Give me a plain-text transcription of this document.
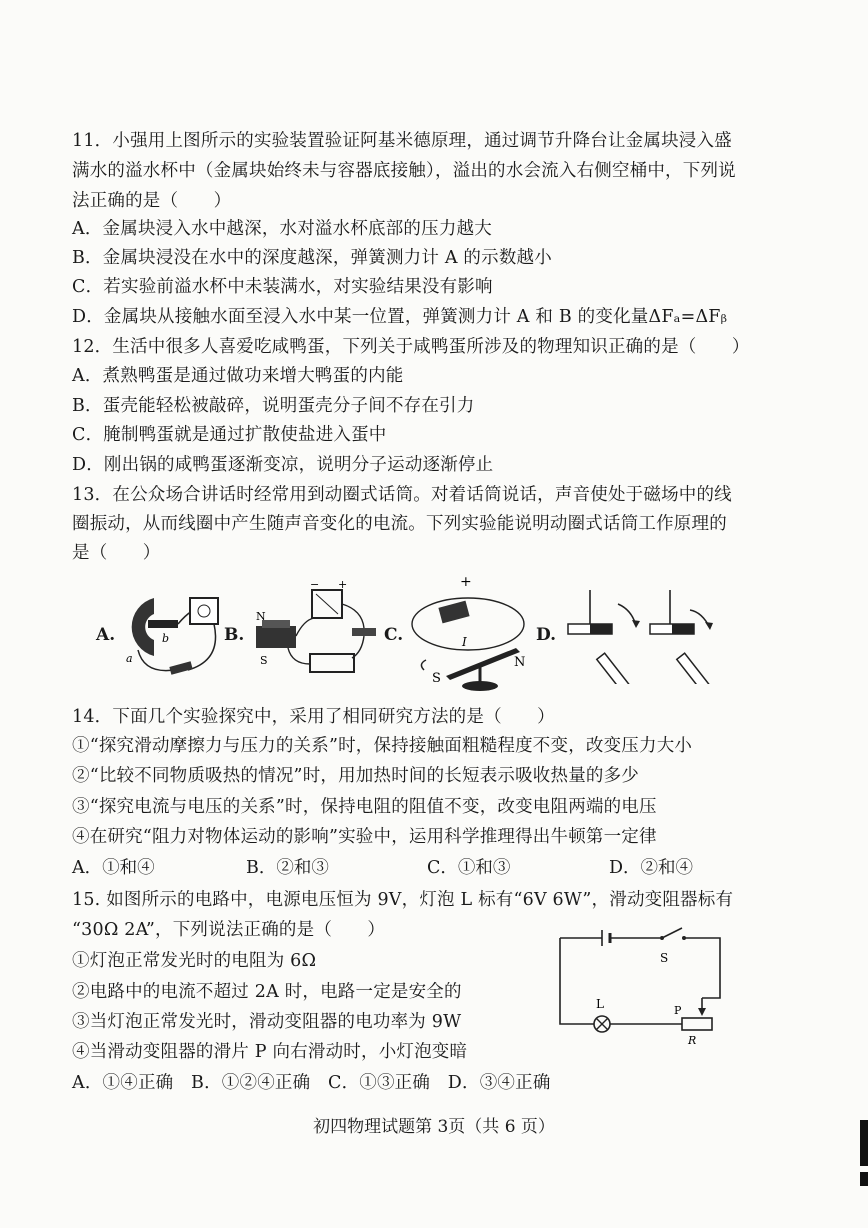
11．小强用上图所示的实验装置验证阿基米德原理，通过调节升降台让金属块浸入盛
满水的溢水杯中（金属块始终未与容器底接触），溢出的水会流入右侧空桶中，下列说
法正确的是（　　）
A．金属块浸入水中越深，水对溢水杯底部的压力越大
B．金属块浸没在水中的深度越深，弹簧测力计 A 的示数越小
C．若实验前溢水杯中未装满水，对实验结果没有影响
D．金属块从接触水面至浸入水中某一位置，弹簧测力计 A 和 B 的变化量ΔFₐ=ΔFᵦ
12．生活中很多人喜爱吃咸鸭蛋，下列关于咸鸭蛋所涉及的物理知识正确的是（　　）
A．煮熟鸭蛋是通过做功来增大鸭蛋的内能
B．蛋壳能轻松被敲碎，说明蛋壳分子间不存在引力
C．腌制鸭蛋就是通过扩散使盐进入蛋中
D．刚出锅的咸鸭蛋逐渐变凉，说明分子运动逐渐停止
13．在公众场合讲话时经常用到动圈式话筒。对着话筒说话，声音使处于磁场中的线
圈振动，从而线圈中产生随声音变化的电流。下列实验能说明动圈式话筒工作原理的
是（　　）
A.	B.	C.	D.
b
a
N
S
− +	+
I
S
N
14．下面几个实验探究中，采用了相同研究方法的是（　　）
①“探究滑动摩擦力与压力的关系”时，保持接触面粗糙程度不变，改变压力大小
②“比较不同物质吸热的情况”时，用加热时间的长短表示吸收热量的多少
③“探究电流与电压的关系”时，保持电阻的阻值不变，改变电阻两端的电压
④在研究“阻力对物体运动的影响”实验中，运用科学推理得出牛顿第一定律
A．①和④	B．②和③	C．①和③	D．②和④
15. 如图所示的电路中，电源电压恒为 9V，灯泡 L 标有“6V 6W”，滑动变阻器标有
“30Ω 2A”，下列说法正确的是（　　）
①灯泡正常发光时的电阻为 6Ω
②电路中的电流不超过 2A 时，电路一定是安全的
③当灯泡正常发光时，滑动变阻器的电功率为 9W
④当滑动变阻器的滑片 P 向右滑动时，小灯泡变暗
A．①④正确　B．①②④正确　C．①③正确　D．③④正确
S
L	P
R
初四物理试题第 3页（共 6 页）
